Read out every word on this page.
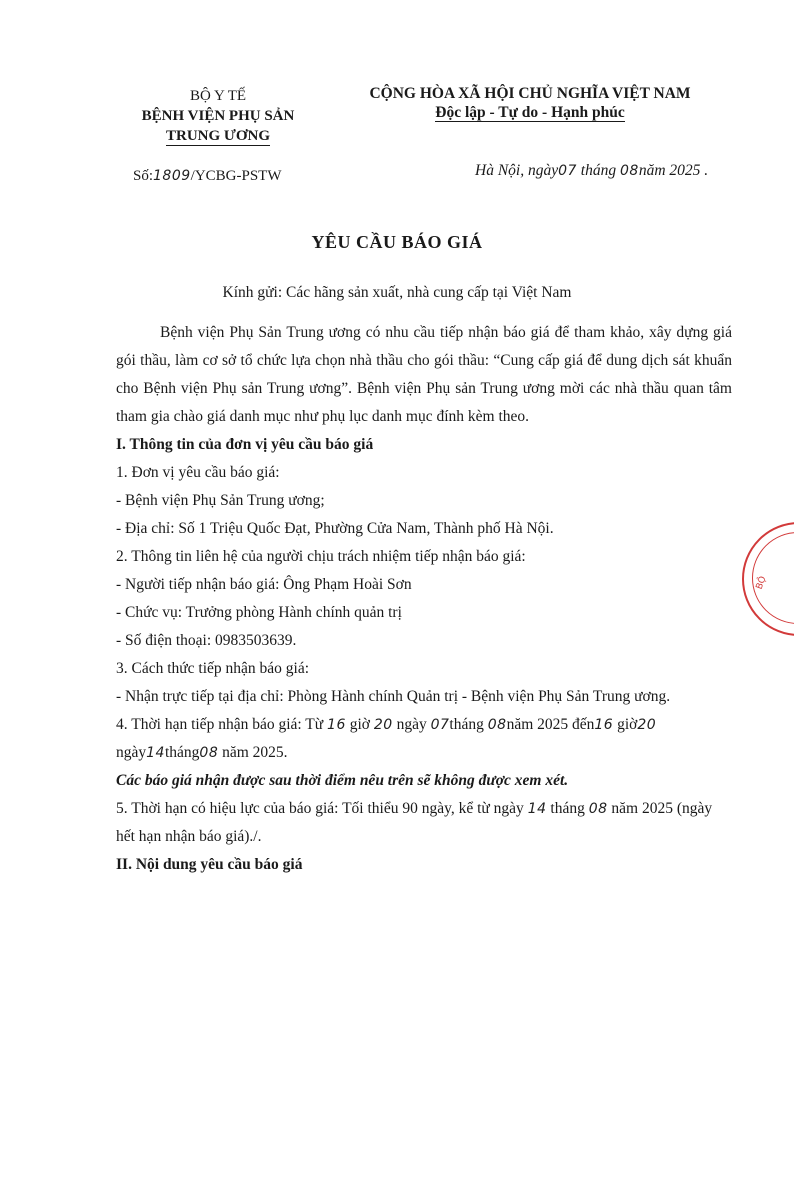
BỘ Y TẾ
BỆNH VIỆN PHỤ SẢN
TRUNG ƯƠNG
CỘNG HÒA XÃ HỘI CHỦ NGHĨA VIỆT NAM
Độc lập - Tự do - Hạnh phúc
Số:1809/YCBG-PSTW	Hà Nội, ngày07 tháng 08năm 2025 .
YÊU CẦU BÁO GIÁ
Kính gửi: Các hãng sản xuất, nhà cung cấp tại Việt Nam

Bệnh viện Phụ Sản Trung ương có nhu cầu tiếp nhận báo giá để tham khảo, xây dựng giá gói thầu, làm cơ sở tổ chức lựa chọn nhà thầu cho gói thầu: “Cung cấp giá để dung dịch sát khuẩn cho Bệnh viện Phụ sản Trung ương”. Bệnh viện Phụ sản Trung ương mời các nhà thầu quan tâm tham gia chào giá danh mục như phụ lục danh mục đính kèm theo.

I. Thông tin của đơn vị yêu cầu báo giá

1. Đơn vị yêu cầu báo giá:

- Bệnh viện Phụ Sản Trung ương;

- Địa chỉ: Số 1 Triệu Quốc Đạt, Phường Cửa Nam, Thành phố Hà Nội.

2. Thông tin liên hệ của người chịu trách nhiệm tiếp nhận báo giá:

- Người tiếp nhận báo giá: Ông Phạm Hoài Sơn

- Chức vụ: Trưởng phòng Hành chính quản trị

- Số điện thoại: 0983503639.

3. Cách thức tiếp nhận báo giá:

- Nhận trực tiếp tại địa chỉ: Phòng Hành chính Quản trị - Bệnh viện Phụ Sản Trung ương.

4. Thời hạn tiếp nhận báo giá: Từ 16 giờ 20 ngày 07tháng 08năm 2025 đến16 giờ20 ngày14tháng08 năm 2025.

Các báo giá nhận được sau thời điểm nêu trên sẽ không được xem xét.

5. Thời hạn có hiệu lực của báo giá: Tối thiểu 90 ngày, kể từ ngày 14 tháng 08 năm 2025 (ngày hết hạn nhận báo giá)./.

II. Nội dung yêu cầu báo giá

BỘ
